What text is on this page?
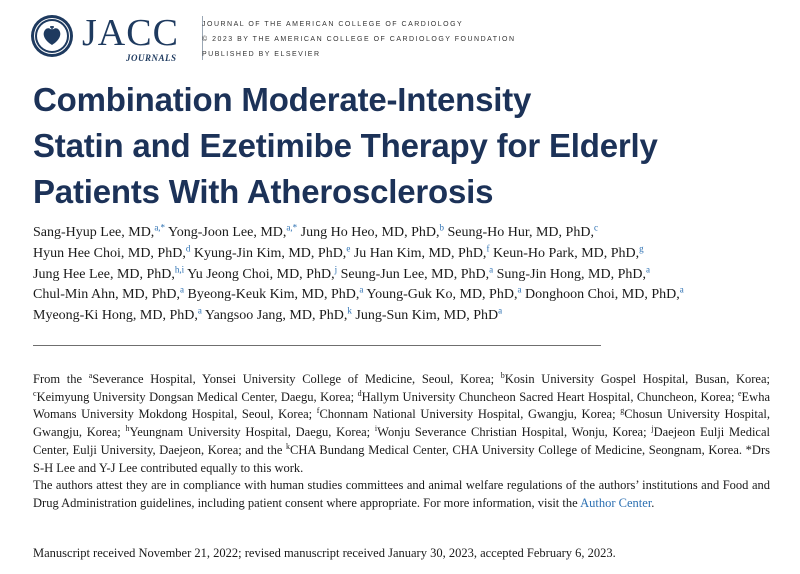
JACC
JOURNALS
JOURNAL OF THE AMERICAN COLLEGE OF CARDIOLOGY
© 2023 BY THE AMERICAN COLLEGE OF CARDIOLOGY FOUNDATION
PUBLISHED BY ELSEVIER
Combination Moderate-Intensity
Statin and Ezetimibe Therapy for Elderly
Patients With Atherosclerosis
Sang-Hyup Lee, MD,$^{a,*}$ Yong-Joon Lee, MD,$^{a,*}$ Jung Ho Heo, MD, PhD,$^b$ Seung-Ho Hur, MD, PhD,$^c$
Hyun Hee Choi, MD, PhD,$^d$ Kyung-Jin Kim, MD, PhD,$^e$ Ju Han Kim, MD, PhD,$^f$ Keun-Ho Park, MD, PhD,$^g$
Jung Hee Lee, MD, PhD,$^{h,i}$ Yu Jeong Choi, MD, PhD,$^j$ Seung-Jun Lee, MD, PhD,$^a$ Sung-Jin Hong, MD, PhD,$^a$
Chul-Min Ahn, MD, PhD,$^a$ Byeong-Keuk Kim, MD, PhD,$^a$ Young-Guk Ko, MD, PhD,$^a$ Donghoon Choi, MD, PhD,$^a$
Myeong-Ki Hong, MD, PhD,$^a$ Yangsoo Jang, MD, PhD,$^k$ Jung-Sun Kim, MD, PhD$^a$

From the $^a$Severance Hospital, Yonsei University College of Medicine, Seoul, Korea; $^b$Kosin University Gospel Hospital, Busan, Korea; $^c$Keimyung University Dongsan Medical Center, Daegu, Korea; $^d$Hallym University Chuncheon Sacred Heart Hospital, Chuncheon, Korea; $^e$Ewha Womans University Mokdong Hospital, Seoul, Korea; $^f$Chonnam National University Hospital, Gwangju, Korea; $^g$Chosun University Hospital, Gwangju, Korea; $^h$Yeungnam University Hospital, Daegu, Korea; $^i$Wonju Severance Christian Hospital, Wonju, Korea; $^j$Daejeon Eulji Medical Center, Eulji University, Daejeon, Korea; and the $^k$CHA Bundang Medical Center, CHA University College of Medicine, Seongnam, Korea. *Drs S-H Lee and Y-J Lee contributed equally to this work.
The authors attest they are in compliance with human studies committees and animal welfare regulations of the authors’ institutions and Food and Drug Administration guidelines, including patient consent where appropriate. For more information, visit the Author Center.

Manuscript received November 21, 2022; revised manuscript received January 30, 2023, accepted February 6, 2023.
